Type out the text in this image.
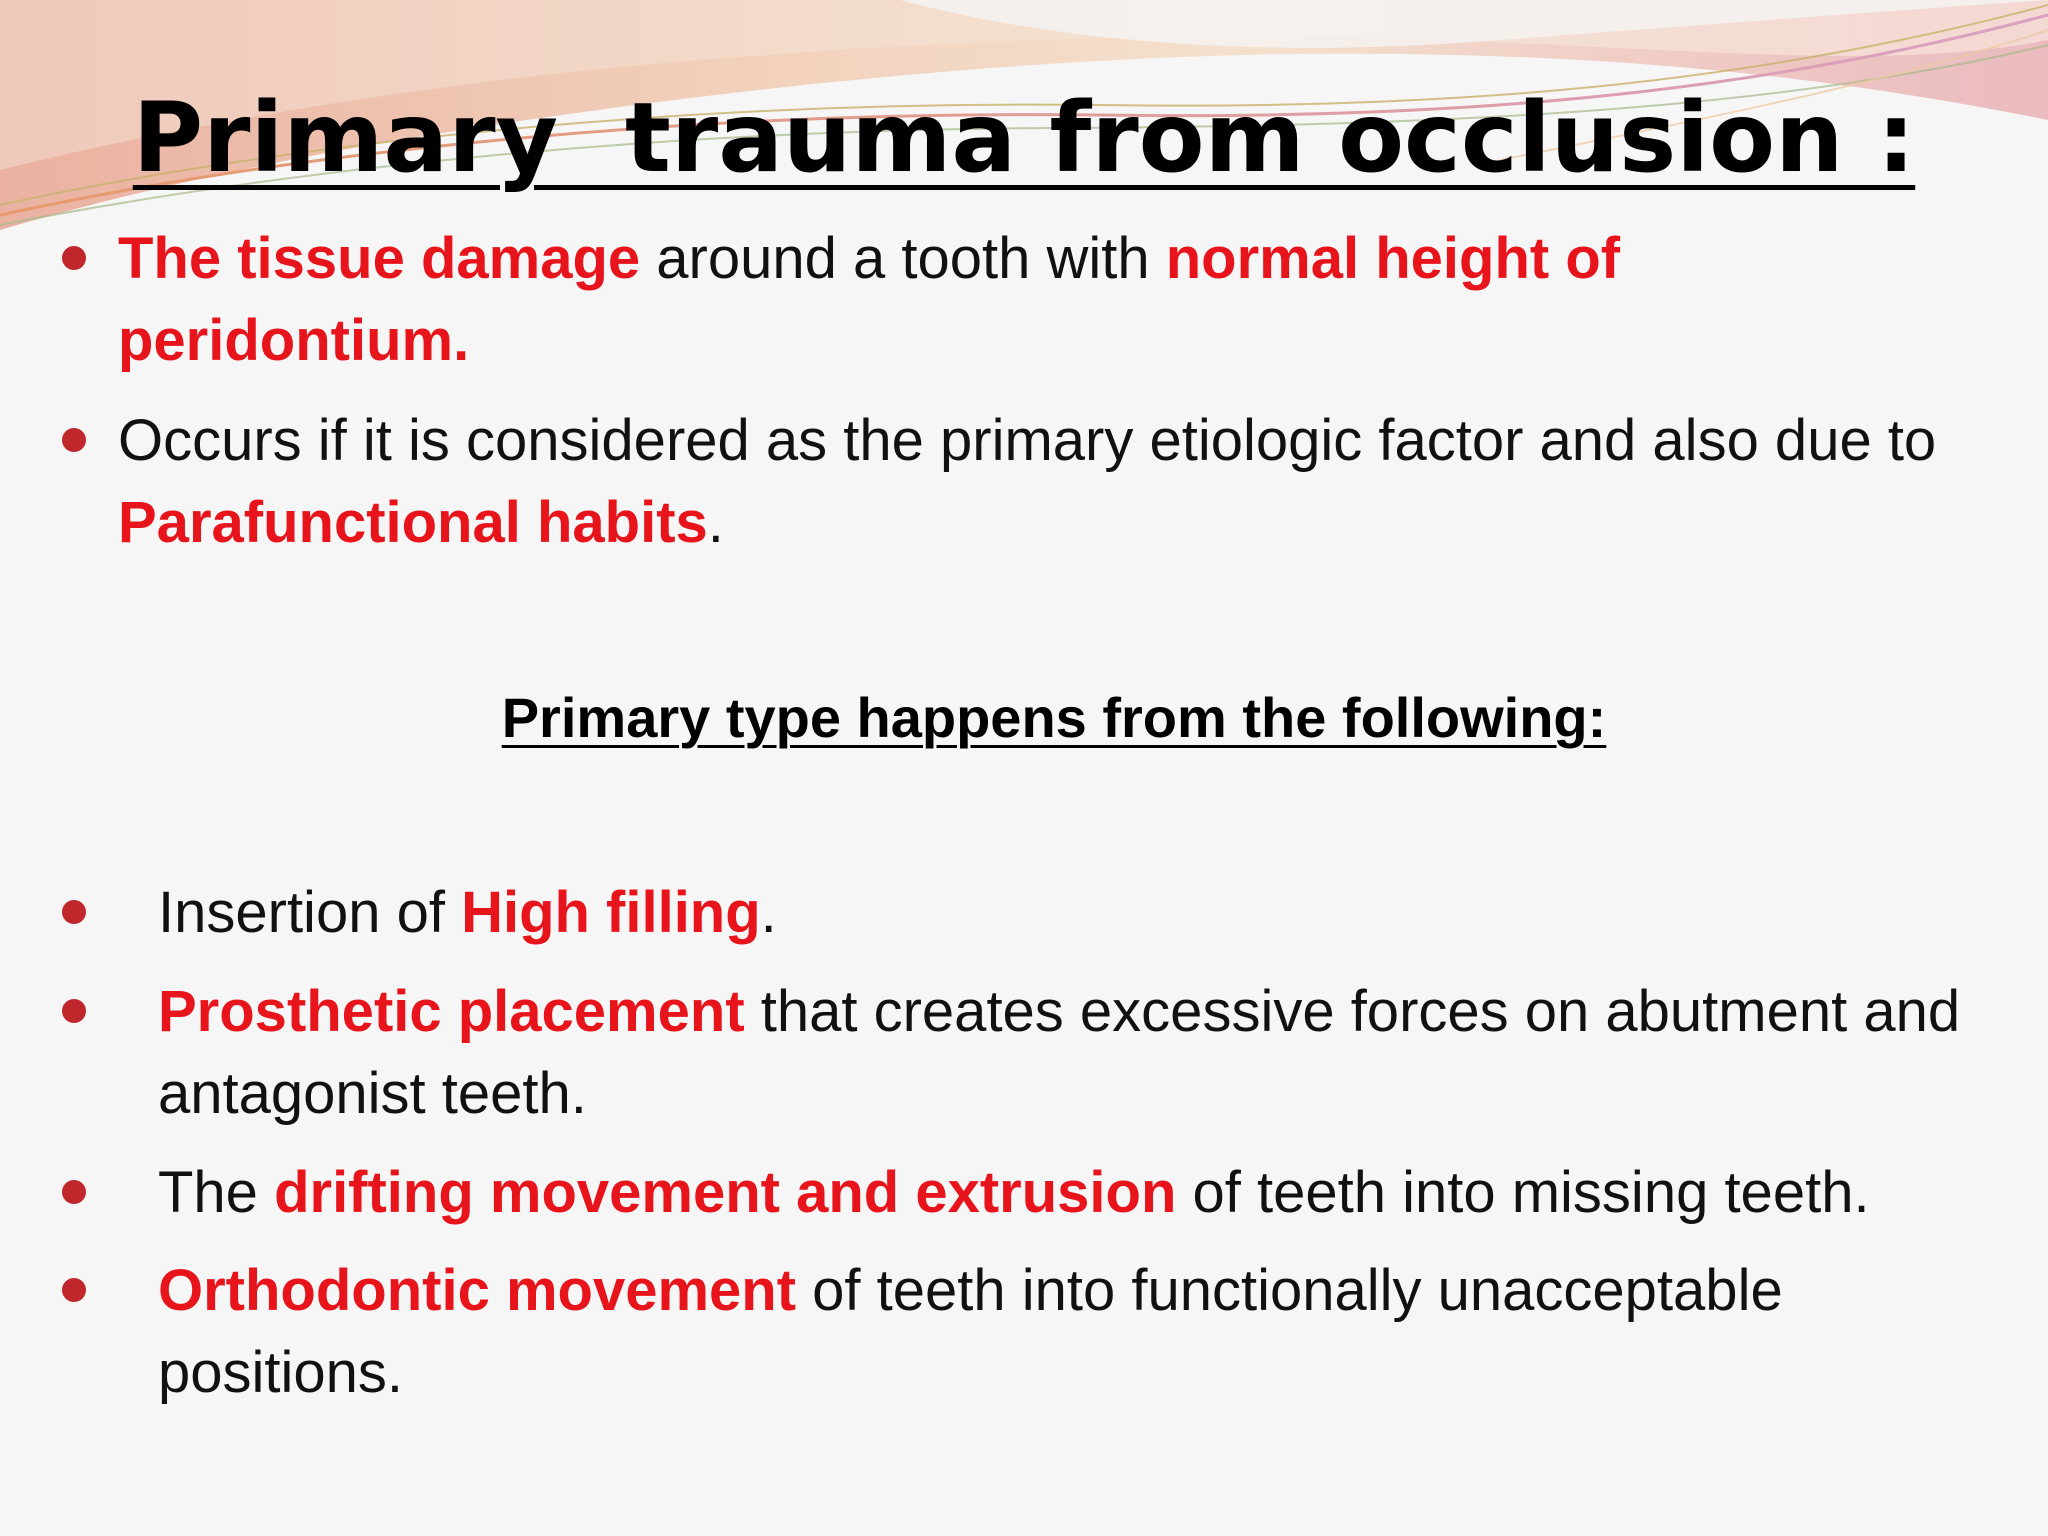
Primary  trauma from occlusion :
The tissue damage around a tooth with normal height of peridontium.
Occurs if it is considered as the primary etiologic factor and also due to Parafunctional habits.
Primary type happens from the following:
Insertion of High filling.
Prosthetic placement that creates excessive forces on abutment and antagonist teeth.
The drifting movement and extrusion of teeth into missing teeth.
Orthodontic movement of teeth into functionally unacceptable positions.
